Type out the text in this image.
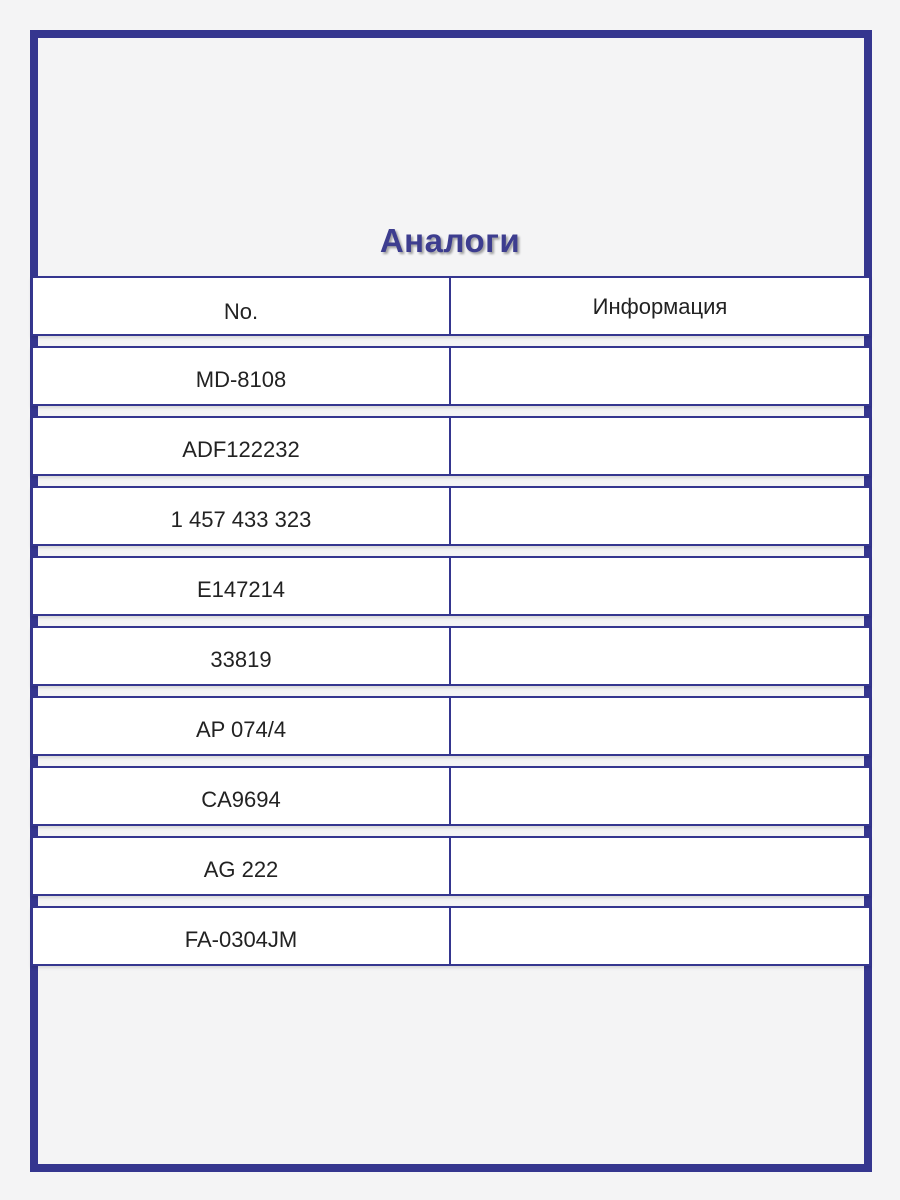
Аналоги
No.	Информация
MD-8108
ADF122232
1 457 433 323
E147214
33819
AP 074/4
CA9694
AG 222
FA-0304JM
